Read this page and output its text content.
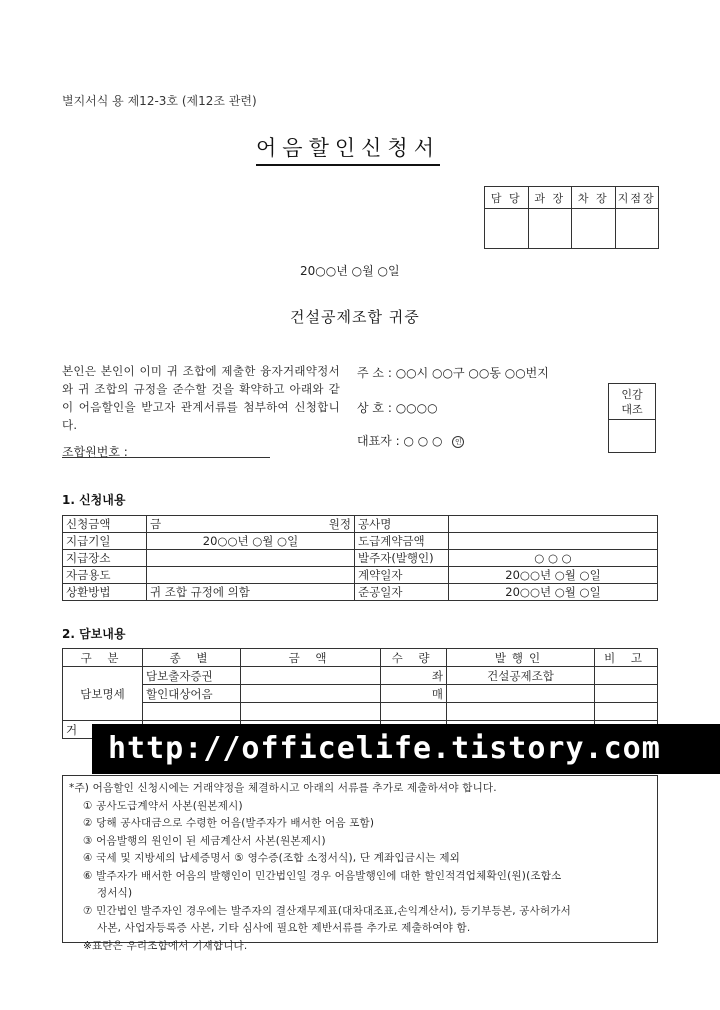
별지서식 용 제12-3호 (제12조 관련)
어음할인신청서
담 당	과 장	차 장	지점장

20○○년 ○월 ○일
건설공제조합 귀중
본인은 본인이 이미 귀 조합에 제출한 융자거래약정서와 귀 조합의 규정을 준수할 것을 확약하고 아래와 같이 어음할인을 받고자 관계서류를 첨부하여 신청합니다.
조합원번호 :
주 소 : ○○시 ○○구 ○○동 ○○번지
상 호 : ○○○○
대표자 : ○ ○ ○ 인
인감
대조
1. 신청내용
신청금액	금 원정	공사명	
지급기일	20○○년 ○월 ○일	도급계약금액	
지급장소		발주자(발행인)	○ ○ ○
자금용도		계약일자	20○○년 ○월 ○일
상환방법	귀 조합 규정에 의함	준공일자	20○○년 ○월 ○일
2. 담보내용
구 분	종 별	금 액	수 량	발행인	비 고
담보명세	담보출자증권		좌	건설공제조합	
	할인대상어음		매		

거					
*주) 어음할인 신청시에는 거래약정을 체결하시고 아래의 서류를 추가로 제출하셔야 합니다.
① 공사도급계약서 사본(원본제시)
② 당해 공사대금으로 수령한 어음(발주자가 배서한 어음 포함)
③ 어음발행의 원인이 된 세금계산서 사본(원본제시)
④ 국세 및 지방세의 납세증명서 ⑤ 영수증(조합 소정서식), 단 계좌입금시는 제외
⑥ 발주자가 배서한 어음의 발행인이 민간법인일 경우 어음발행인에 대한 할인적격업체확인(원)(조합소
정서식)
⑦ 민간법인 발주자인 경우에는 발주자의 결산재무제표(대차대조표,손익계산서), 등기부등본, 공사허가서
사본, 사업자등록증 사본, 기타 심사에 필요한 제반서류를 추가로 제출하여야 함.
※표란은 우리조합에서 기재합니다.
http://officelife.tistory.com
